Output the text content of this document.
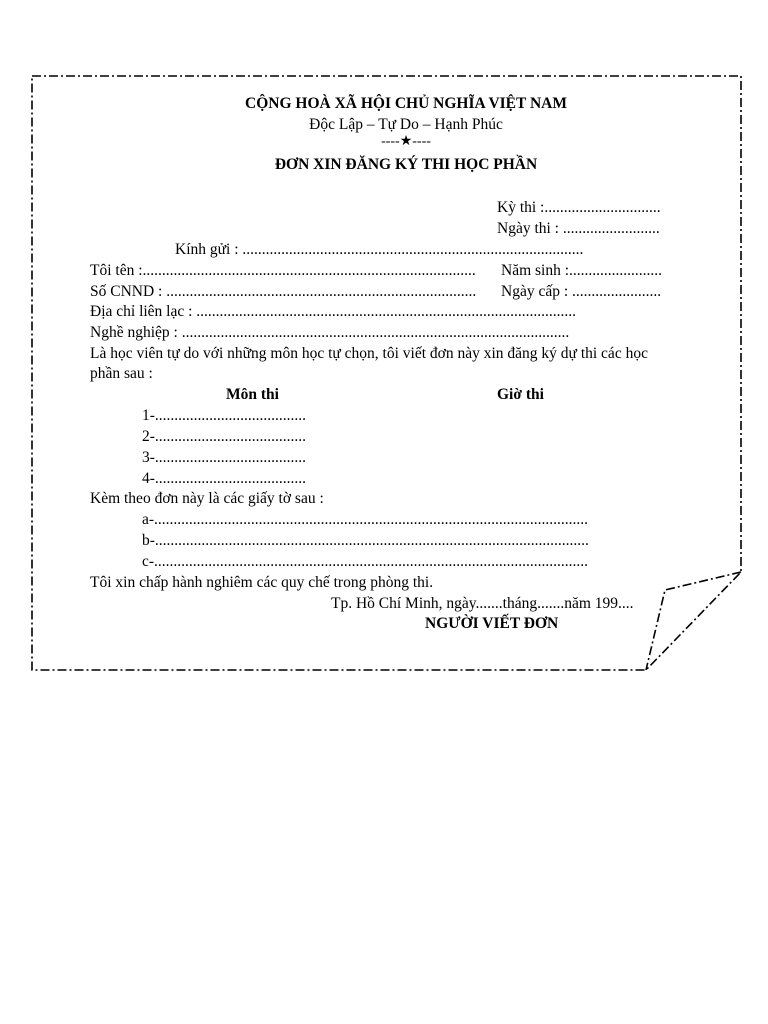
CỘNG HOÀ XÃ HỘI CHỦ NGHĨA VIỆT NAM
Độc Lập – Tự Do – Hạnh Phúc
----★----
ĐƠN XIN ĐĂNG KÝ THI HỌC PHẦN
Kỳ thi :..............................
Ngày thi : .........................
Kính gửi : ........................................................................................
Tôi tên :...................................................................................... Năm sinh :........................
Số CNND : ................................................................................ Ngày cấp : .......................
Địa chỉ liên lạc : ..................................................................................................
Nghề nghiệp : ....................................................................................................
Là học viên tự do với những môn học tự chọn, tôi viết đơn này xin đăng ký dự thi các học
phần sau :
Môn thi	Giờ thi
1-.......................................
2-.......................................
3-.......................................
4-.......................................
Kèm theo đơn này là các giấy tờ sau :
a-................................................................................................................
b-................................................................................................................
c-................................................................................................................
Tôi xin chấp hành nghiêm các quy chế trong phòng thi.
Tp. Hồ Chí Minh, ngày.......tháng.......năm 199....
NGƯỜI VIẾT ĐƠN
